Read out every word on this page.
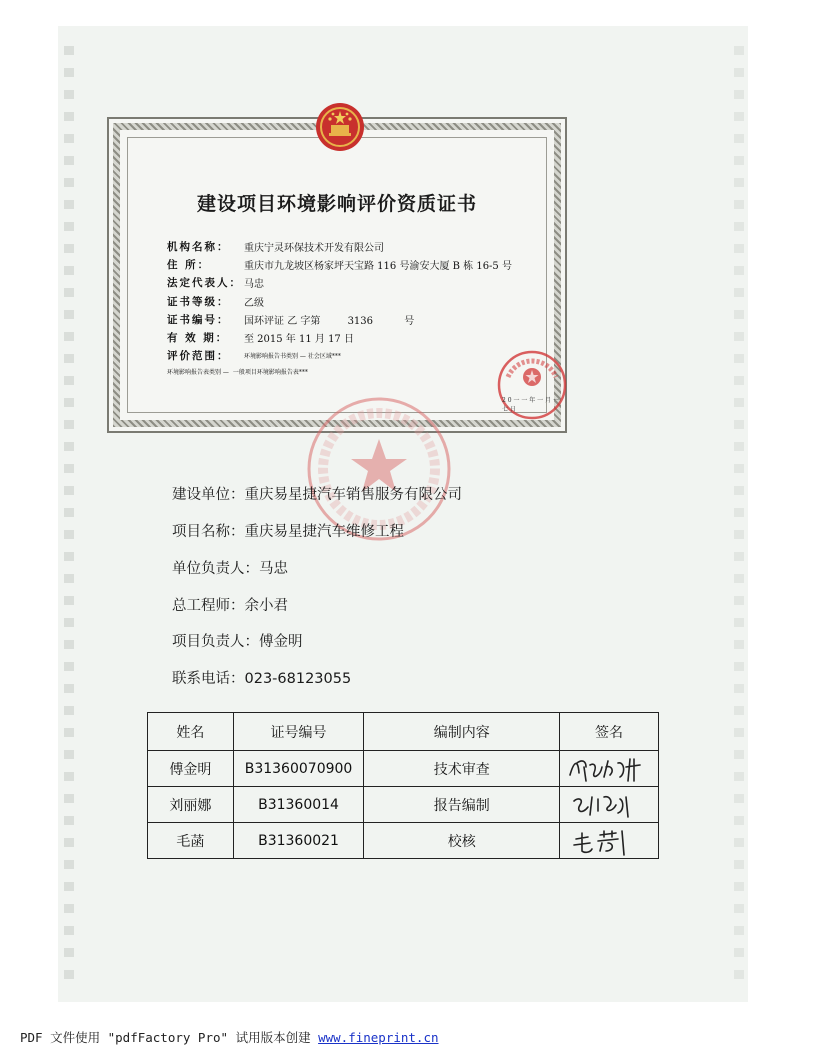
建设项目环境影响评价资质证书
机构名称：	重庆宁灵环保技术开发有限公司
住 所：	重庆市九龙坡区杨家坪天宝路 116 号渝安大厦 B 栋 16-5 号
法定代表人： 马忠
证书等级：	乙级
证书编号：	国环评证 乙 字第	3136	号
有 效 期：	至 2015 年 11 月 17 日
评价范围：	环境影响报告书类别 — 社会区域***
环境影响报告表类别 — 一般项目环境影响报告表***
2 0 一 一 年 一 月 一 七 日
建设单位：重庆易星捷汽车销售服务有限公司
项目名称：重庆易星捷汽车维修工程
单位负责人：马忠
总工程师：余小君
项目负责人：傅金明
联系电话：023-68123055
姓名	证号编号	编制内容	签名
傅金明	B31360070900	技术审查	

刘丽娜	B31360014	报告编制	

毛菡	B31360021	校核	
PDF 文件使用 "pdfFactory Pro" 试用版本创建 www.fineprint.cn
